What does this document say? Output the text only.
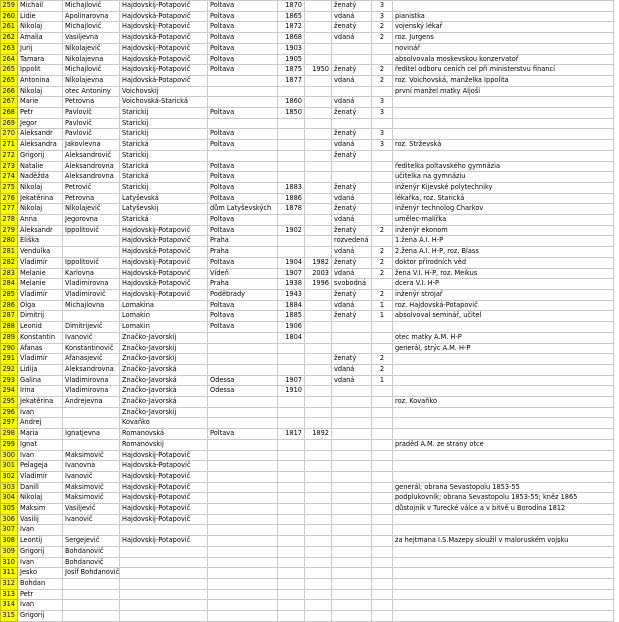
259	Michail	Michajlovič	Hajdovskij-Potapovič	Poltava	1870		ženatý	3	
260	Lidie	Apolinarovna	Hajdovská-Potapovič	Poltava	1865		vdaná	3	pianistka
261	Nikolaj	Michajlovič	Hajdovskij-Potapovič	Poltava	1872		ženatý	2	vojenský lékař
262	Amalia	Vasiljevna	Hajdovská-Potapovič	Poltava	1868		vdaná	2	roz. Jurgens
263	Jurij	Nikolajevič	Hajdovskij-Potapovič	Poltava	1903				novinář
264	Tamara	Nikolajevna	Hajdovská-Potapovič	Poltava	1905				absolvovala moskevskou konzervatoř
265	Ippolit	Michajlovič	Hajdovskij-Potapovič	Poltava	1875	1950	ženatý	2	ředitel odboru ceních cel při ministerstvu financí
265	Antonina	Nikolajevna	Hajdovská-Potapovič		1877		vdaná	2	roz. Voichovská, manželka Ippolita
266	Nikolaj	otec Antoniny	Voichovskij						první manžel matky Aljoši
267	Marie	Petrovna	Voichovská-Starická		1860		vdaná	3	
268	Petr	Pavlovič	Starickij	Poltava	1850		ženatý	3	
269	Jegor	Pavlovič	Starickij						
270	Aleksandr	Pavlovič	Starickij	Poltava			ženatý	3	
271	Aleksandra	Jakovlevna	Starická	Poltava			vdaná	3	roz. Strževská
272	Grigorij	Aleksandrovič	Starickij				ženatý		
273	Natalie	Aleksandrovna	Starická	Poltava					ředitelka poltavského gymnázia
274	Naděžda	Aleksandrovna	Starická	Poltava					učitelka na gymnáziu
275	Nikolaj	Petrovič	Starickij	Poltava	1883		ženatý		inženýr Kijevské polytechniky
276	Jekatěrina	Petrovna	Latyševská	Poltava	1886		vdaná		lékařka, roz. Starická
277	Nikolaj	Nikolajevič	Latyševskij	dům Latyševských	1878		ženatý		inženýr technolog Charkov
278	Anna	Jegorovna	Starická	Poltava			vdaná		umělec-malířka
279	Aleksandr	Ippolitovič	Hajdovskij-Potapovič	Poltava	1902		ženatý	2	inženýr ekonom
280	Eliška		Hajdovská-Potapovič	Praha			rozvedená		1.žena A.I. H-P
281	Vendulka		Hajdovská-Potapovič	Praha			vdaná	2	2.žena A.I. H-P, roz. Blass
282	Vladimír	Ippolitovič	Hajdovskij-Potapovič	Poltava	1904	1982	ženatý	2	doktor přírodních věd
283	Melanie	Karlovna	Hajdovská-Potapovič	Vídeň	1907	2003	vdaná	2	žena V.I. H-P, roz. Meikus
284	Melanie	Vladimirovna	Hajdovská-Potapovič	Praha	1938	1996	svobodná		dcera V.I. H-P
285	Vladimír	Vladimirovič	Hajdovskij-Potapovič	Poděbrady	1943		ženatý	2	inženýr strojař
286	Olga	Michajlovna	Lomakina	Poltava	1884		vdaná	1	roz. Hajdovská-Potapovič
287	Dimitrij		Lomakin	Poltava	1885		ženatý	1	absolvoval seminář, učitel
288	Leonid	Dimitrijevič	Lomakin	Poltava	1906				
289	Konstantin	Ivanovič	Značko-Javorskij		1804				otec matky A.M. H-P
290	Afanas	Konstantinovič	Značko-Javorskij						generál, strýc A.M. H-P
291	Vladimír	Afanasjevič	Značko-Javorskij				ženatý	2	
292	Lidija	Aleksandrovna	Značko-Javorská				vdaná	2	
293	Galina	Vladimirovna	Značko-Javorská	Odessa	1907		vdaná	1	
294	Irina	Vladimirovna	Značko-Javorská	Odessa	1910				
295	Jekatěrina	Andrejevna	Značko-Javorská						roz. Kovaňko
296	Ivan		Značko-Javorskij						
297	Andrej		Kovaňko						
298	Maria	Ignatjevna	Romanovská	Poltava	1817	1892			
299	Ignat		Romanovskij						praděd A.M. ze strany otce
300	Ivan	Maksimovič	Hajdovskij-Potapovič						
301	Pelageja	Ivanovna	Hajdovská-Potapovič						
302	Vladimír	Ivanovič	Hajdovskij-Potapovič						
303	Danill	Maksimovič	Hajdovskij-Potapovič						generál; obrana Sevastopolu 1853-55
304	Nikolaj	Maksimovič	Hajdovskij-Potapovič						podplukovník; obrana Sevastopolu 1853-55; kněz 1865
305	Maksim	Vasiljevič	Hajdovskij-Potapovič						důstojník v Turecké válce a v bitvě u Borodina 1812
306	Vasilij	Ivanovič	Hajdovskij-Potapovič						
307	Ivan								
308	Leontij	Sergejevič	Hajdovskij-Potapovič						za hejtmana I.S.Mazepy sloužil v malorusk​ém vojsku
309	Grigorij	Bohdanovič							
310	Ivan	Bohdanovič							
311	Jesko	Josif Bohdanovič							
312	Bohdan								
313	Petr								
314	Ivan								
315	Grigorij								
